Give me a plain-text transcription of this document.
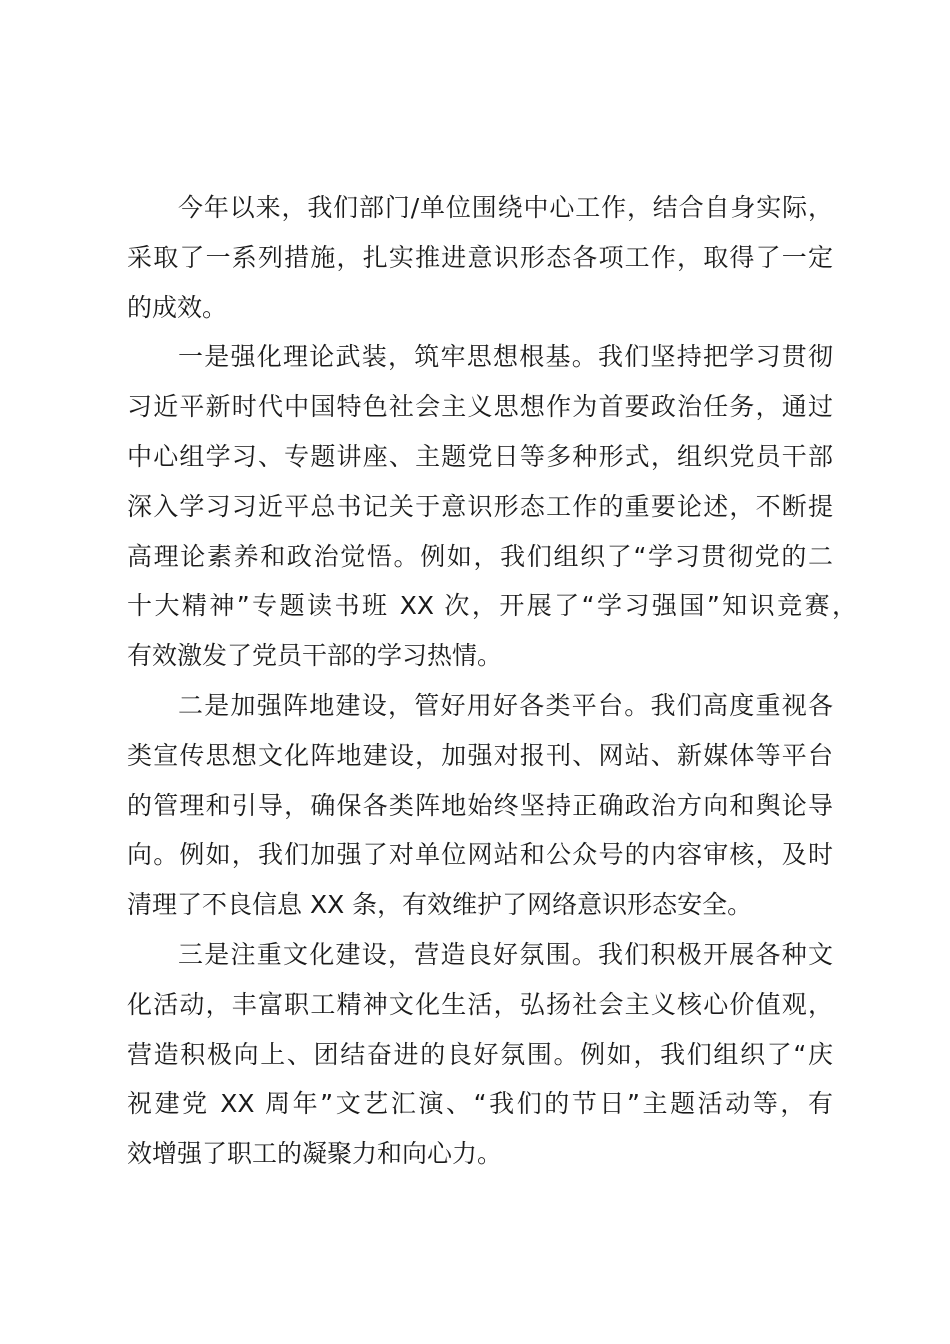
今年以来，我们部门/单位围绕中心工作，结合自身实际，
采取了一系列措施，扎实推进意识形态各项工作，取得了一定
的成效。
一是强化理论武装，筑牢思想根基。我们坚持把学习贯彻
习近平新时代中国特色社会主义思想作为首要政治任务，通过
中心组学习、专题讲座、主题党日等多种形式，组织党员干部
深入学习习近平总书记关于意识形态工作的重要论述，不断提
高理论素养和政治觉悟。例如，我们组织了“学习贯彻党的二
十大精神”专题读书班 XX 次，开展了“学习强国”知识竞赛，
有效激发了党员干部的学习热情。
二是加强阵地建设，管好用好各类平台。我们高度重视各
类宣传思想文化阵地建设，加强对报刊、网站、新媒体等平台
的管理和引导，确保各类阵地始终坚持正确政治方向和舆论导
向。例如，我们加强了对单位网站和公众号的内容审核，及时
清理了不良信息 XX 条，有效维护了网络意识形态安全。
三是注重文化建设，营造良好氛围。我们积极开展各种文
化活动，丰富职工精神文化生活，弘扬社会主义核心价值观，
营造积极向上、团结奋进的良好氛围。例如，我们组织了“庆
祝建党 XX 周年”文艺汇演、“我们的节日”主题活动等，有
效增强了职工的凝聚力和向心力。
